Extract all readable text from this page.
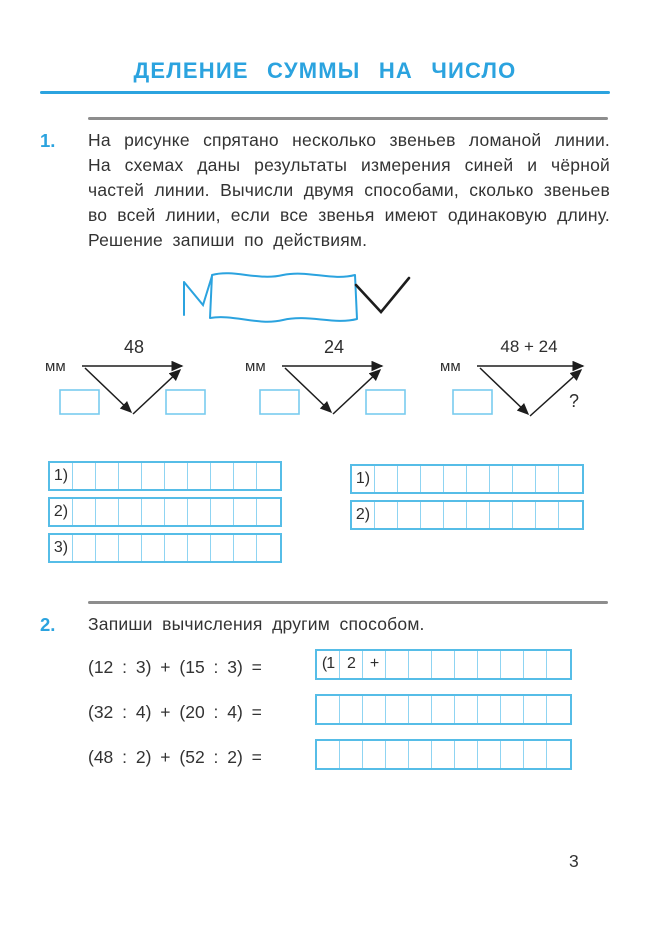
ДЕЛЕНИЕ СУММЫ НА ЧИСЛО
1.	На рисунке спрятано несколько звеньев ломаной линии. На схемах даны результаты измерения синей и чёрной частей линии. Вычисли двумя способами, сколько звеньев во всей линии, если все звенья имеют одинаковую длину. Решение запиши по действиям.
мм
48
мм
24
мм
48 + 24
?
1)
2)
3)
1)
2)
2.	Запиши вычисления другим способом.
(12 : 3) + (15 : 3) =	(1 2 +
(32 : 4) + (20 : 4) =
(48 : 2) + (52 : 2) =
3
